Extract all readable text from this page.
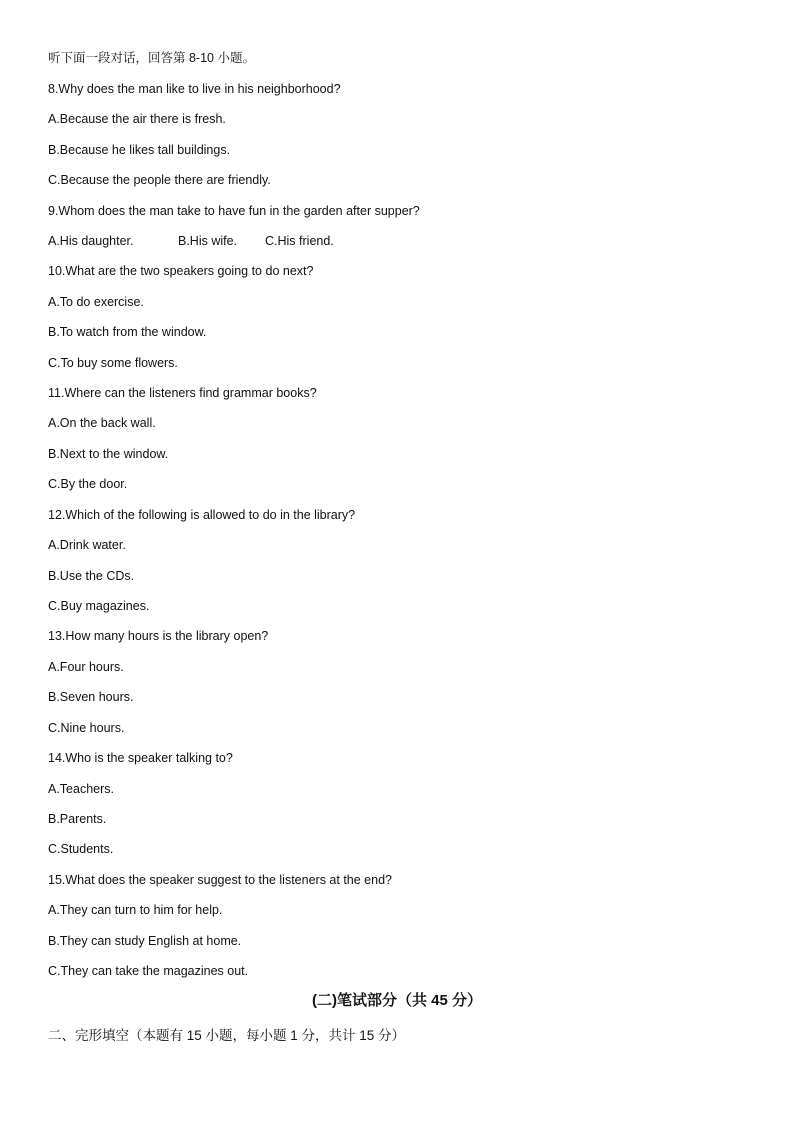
听下面一段对话，回答第 8-10 小题。
8.Why does the man like to live in his neighborhood?
A.Because the air there is fresh.
B.Because he likes tall buildings.
C.Because the people there are friendly.
9.Whom does the man take to have fun in the garden after supper?
A.His daughter.	B.His wife. C.His friend.
10.What are the two speakers going to do next?
A.To do exercise.
B.To watch from the window.
C.To buy some flowers.
11.Where can the listeners find grammar books?
A.On the back wall.
B.Next to the window.
C.By the door.
12.Which of the following is allowed to do in the library?
A.Drink water.
B.Use the CDs.
C.Buy magazines.
13.How many hours is the library open?
A.Four hours.
B.Seven hours.
C.Nine hours.
14.Who is the speaker talking to?
A.Teachers.
B.Parents.
C.Students.
15.What does the speaker suggest to the listeners at the end?
A.They can turn to him for help.
B.They can study English at home.
C.They can take the magazines out.
(二)笔试部分（共 45 分）
二、完形填空（本题有 15 小题，每小题 1 分，共计 15 分）
